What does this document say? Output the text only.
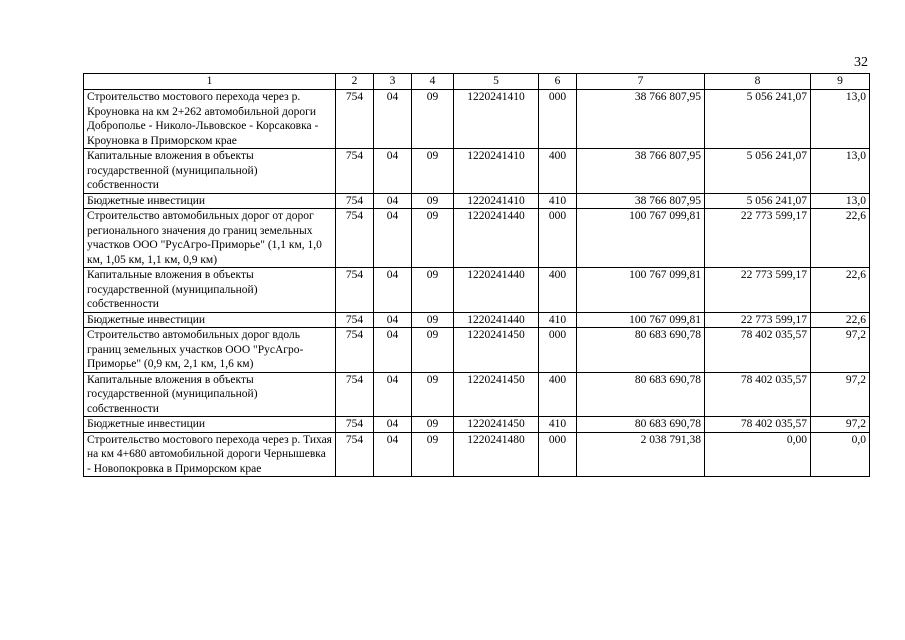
32
1	2	3	4	5	6	7	8	9
Строительство мостового перехода через р. Кроуновка на км 2+262 автомобильной дороги Доброполье - Николо-Львовское - Корсаковка - Кроуновка в Приморском крае	754	04	09	1220241410	000	38 766 807,95	5 056 241,07	13,0
Капитальные вложения в объекты государственной (муниципальной) собственности	754	04	09	1220241410	400	38 766 807,95	5 056 241,07	13,0
Бюджетные инвестиции	754	04	09	1220241410	410	38 766 807,95	5 056 241,07	13,0
Строительство автомобильных дорог от дорог регионального значения до границ земельных участков ООО "РусАгро-Приморье" (1,1 км, 1,0 км, 1,05 км, 1,1 км, 0,9 км)	754	04	09	1220241440	000	100 767 099,81	22 773 599,17	22,6
Капитальные вложения в объекты государственной (муниципальной) собственности	754	04	09	1220241440	400	100 767 099,81	22 773 599,17	22,6
Бюджетные инвестиции	754	04	09	1220241440	410	100 767 099,81	22 773 599,17	22,6
Строительство автомобильных дорог вдоль границ земельных участков ООО "РусАгро-Приморье" (0,9 км, 2,1 км, 1,6 км)	754	04	09	1220241450	000	80 683 690,78	78 402 035,57	97,2
Капитальные вложения в объекты государственной (муниципальной) собственности	754	04	09	1220241450	400	80 683 690,78	78 402 035,57	97,2
Бюджетные инвестиции	754	04	09	1220241450	410	80 683 690,78	78 402 035,57	97,2
Строительство мостового перехода через р. Тихая на км 4+680 автомобильной дороги Чернышевка - Новопокровка в Приморском крае	754	04	09	1220241480	000	2 038 791,38	0,00	0,0
